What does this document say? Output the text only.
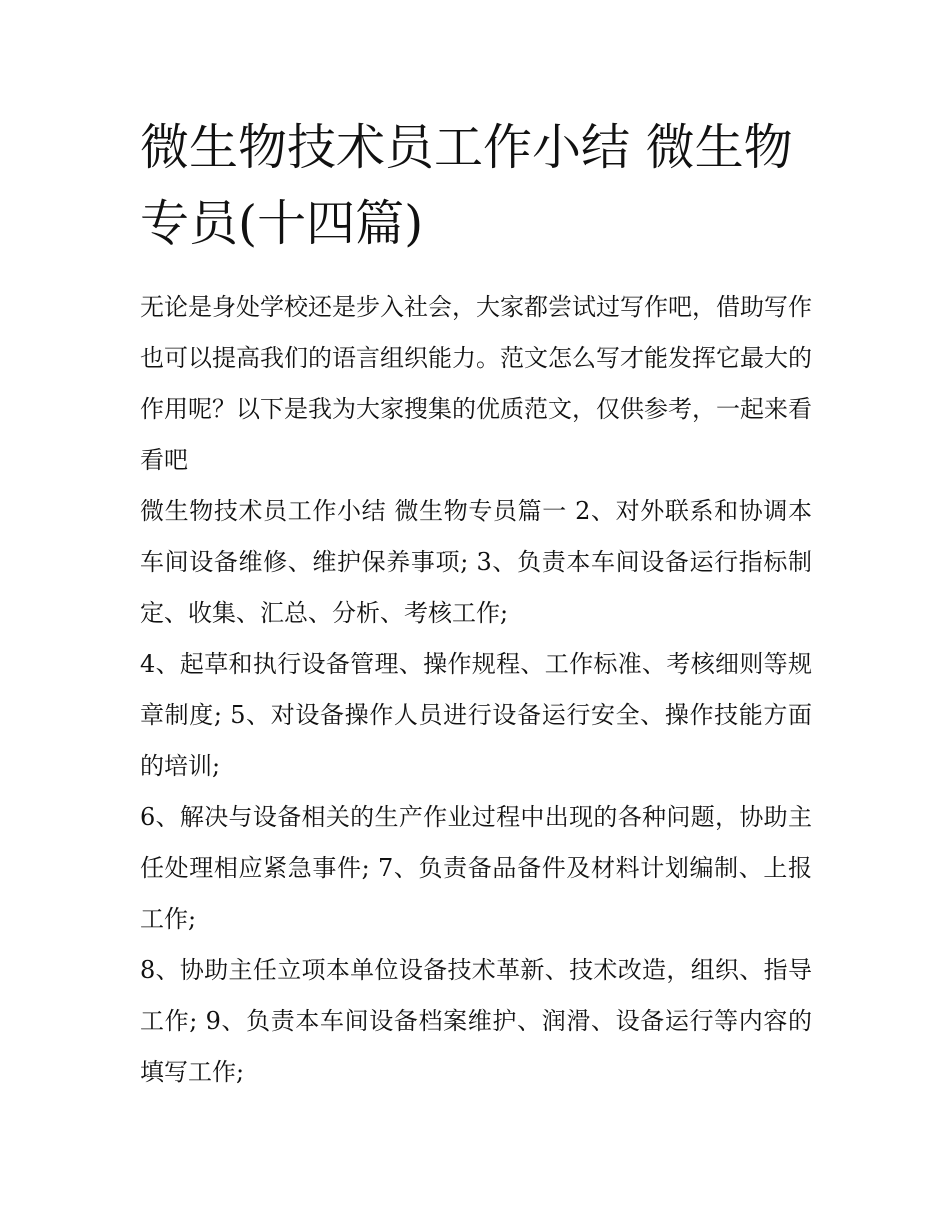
微生物技术员工作小结 微生物专员(十四篇)

无论是身处学校还是步入社会，大家都尝试过写作吧，借助写作也可以提高我们的语言组织能力。范文怎么写才能发挥它最大的作用呢？以下是我为大家搜集的优质范文，仅供参考，一起来看看吧

微生物技术员工作小结 微生物专员篇一 2、对外联系和协调本车间设备维修、维护保养事项; 3、负责本车间设备运行指标制定、收集、汇总、分析、考核工作;

4、起草和执行设备管理、操作规程、工作标准、考核细则等规章制度; 5、对设备操作人员进行设备运行安全、操作技能方面的培训;

6、解决与设备相关的生产作业过程中出现的各种问题，协助主任处理相应紧急事件; 7、负责备品备件及材料计划编制、上报工作;

8、协助主任立项本单位设备技术革新、技术改造，组织、指导工作; 9、负责本车间设备档案维护、润滑、设备运行等内容的填写工作;
